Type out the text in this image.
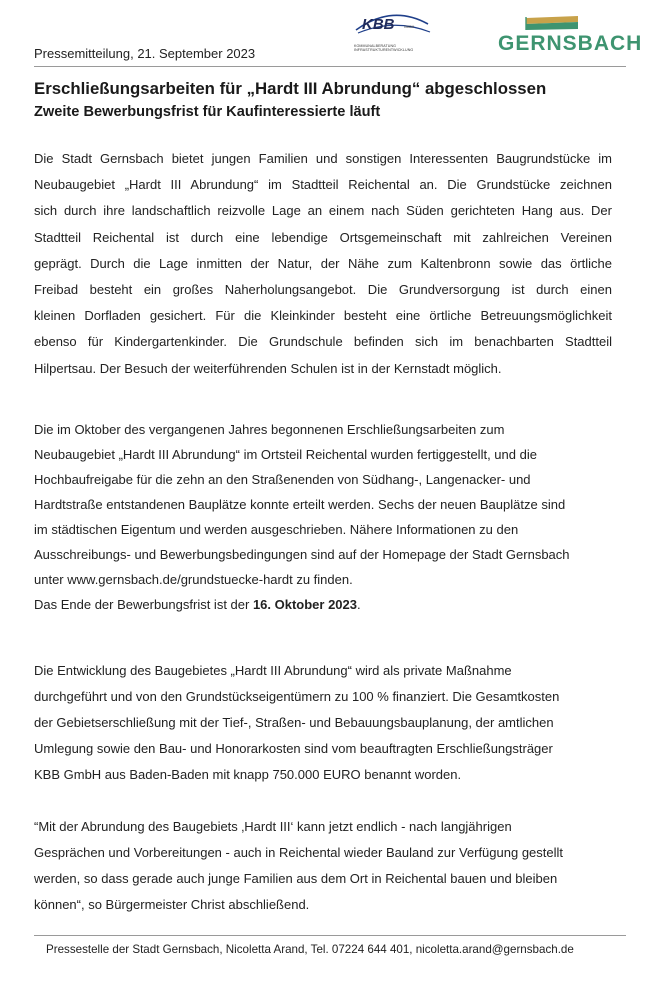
Pressemitteilung, 21. September 2023
KBB	GMBH
KOMMUNALBERATUNG
INFRASTRUKTURENTWICKLUNG	GERNSBACH
Erschließungsarbeiten für „Hardt III Abrundung“ abgeschlossen
Zweite Bewerbungsfrist für Kaufinteressierte läuft
Die Stadt Gernsbach bietet jungen Familien und sonstigen Interessenten Baugrundstücke im
Neubaugebiet „Hardt III Abrundung“ im Stadtteil Reichental an. Die Grundstücke zeichnen
sich durch ihre landschaftlich reizvolle Lage an einem nach Süden gerichteten Hang aus. Der
Stadtteil Reichental ist durch eine lebendige Ortsgemeinschaft mit zahlreichen Vereinen
geprägt. Durch die Lage inmitten der Natur, der Nähe zum Kaltenbronn sowie das örtliche
Freibad besteht ein großes Naherholungsangebot. Die Grundversorgung ist durch einen
kleinen Dorfladen gesichert. Für die Kleinkinder besteht eine örtliche Betreuungsmöglichkeit
ebenso für Kindergartenkinder. Die Grundschule befinden sich im benachbarten Stadtteil
Hilpertsau. Der Besuch der weiterführenden Schulen ist in der Kernstadt möglich.
Die im Oktober des vergangenen Jahres begonnenen Erschließungsarbeiten zum
Neubaugebiet „Hardt III Abrundung“ im Ortsteil Reichental wurden fertiggestellt, und die
Hochbaufreigabe für die zehn an den Straßenenden von Südhang-, Langenacker- und
Hardtstraße entstandenen Bauplätze konnte erteilt werden. Sechs der neuen Bauplätze sind
im städtischen Eigentum und werden ausgeschrieben. Nähere Informationen zu den
Ausschreibungs- und Bewerbungsbedingungen sind auf der Homepage der Stadt Gernsbach
unter www.gernsbach.de/grundstuecke-hardt zu finden.
Das Ende der Bewerbungsfrist ist der 16. Oktober 2023.
Die Entwicklung des Baugebietes „Hardt III Abrundung“ wird als private Maßnahme
durchgeführt und von den Grundstückseigentümern zu 100 % finanziert. Die Gesamtkosten
der Gebietserschließung mit der Tief-, Straßen- und Bebauungsbauplanung, der amtlichen
Umlegung sowie den Bau- und Honorarkosten sind vom beauftragten Erschließungsträger
KBB GmbH aus Baden-Baden mit knapp 750.000 EURO benannt worden.
“Mit der Abrundung des Baugebiets ‚Hardt III‘ kann jetzt endlich - nach langjährigen
Gesprächen und Vorbereitungen - auch in Reichental wieder Bauland zur Verfügung gestellt
werden, so dass gerade auch junge Familien aus dem Ort in Reichental bauen und bleiben
können“, so Bürgermeister Christ abschließend.
Pressestelle der Stadt Gernsbach, Nicoletta Arand, Tel. 07224 644 401, nicoletta.arand@gernsbach.de
